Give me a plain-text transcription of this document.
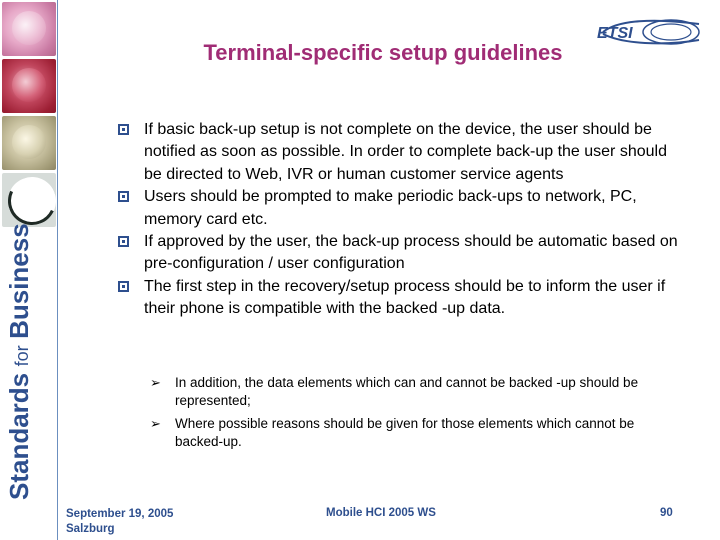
Standards for Business
ETSI
Terminal-specific setup guidelines
If basic back-up setup is not complete on the device, the user should be notified as soon as possible. In order to complete back-up the user should be directed to Web, IVR or human customer service agents
Users should be prompted to make periodic back-ups to network, PC, memory card etc.
If approved by the user, the back-up process should be automatic based on pre-configuration / user configuration
The first step in the recovery/setup process should be to inform the user if their phone is compatible with the backed -up data.
➢ In addition, the data elements which can and cannot be backed -up should be represented;
➢ Where possible reasons should be given for those elements which cannot be backed-up.
September 19, 2005
Salzburg
Mobile HCI 2005 WS	90
